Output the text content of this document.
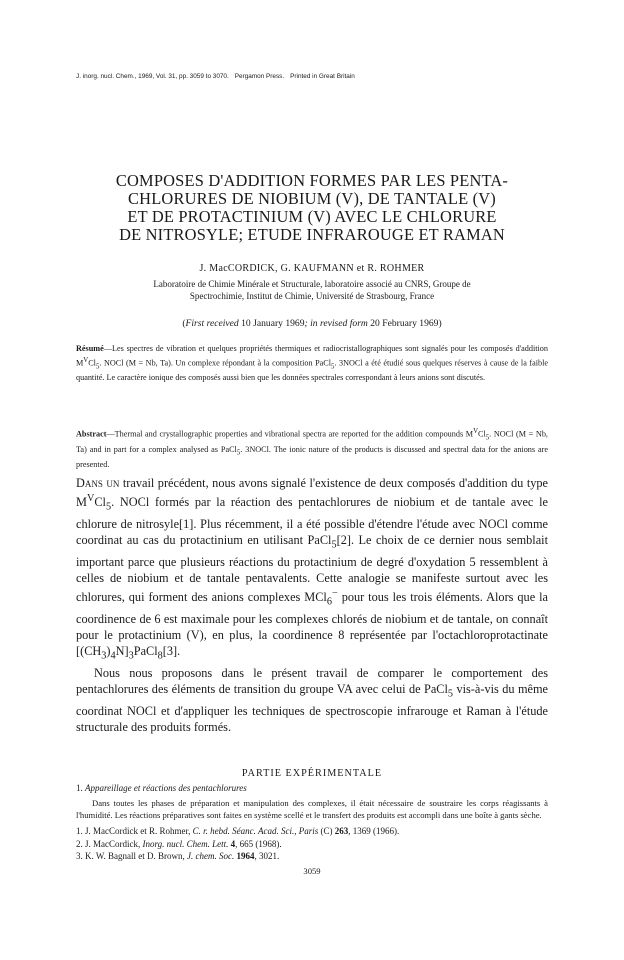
J. inorg. nucl. Chem., 1969, Vol. 31, pp. 3059 to 3070. Pergamon Press. Printed in Great Britain
COMPOSES D'ADDITION FORMES PAR LES PENTA-
CHLORURES DE NIOBIUM (V), DE TANTALE (V)
ET DE PROTACTINIUM (V) AVEC LE CHLORURE
DE NITROSYLE; ETUDE INFRAROUGE ET RAMAN

J. MacCORDICK, G. KAUFMANN et R. ROHMER

Laboratoire de Chimie Minérale et Structurale, laboratoire associé au CNRS, Groupe de
Spectrochimie, Institut de Chimie, Université de Strasbourg, France

(First received 10 January 1969; in revised form 20 February 1969)

Résumé—Les spectres de vibration et quelques propriétés thermiques et radiocristallographiques sont signalés pour les composés d'addition $M^VCl_5$. NOCl (M = Nb, Ta). Un complexe répondant à la composition PaCl$_5$. 3NOCl a été étudié sous quelques réserves à cause de la faible quantité. Le caractère ionique des composés aussi bien que les données spectrales correspondant à leurs anions sont discutés.

Abstract—Thermal and crystallographic properties and vibrational spectra are reported for the addition compounds $M^VCl_5$. NOCl (M = Nb, Ta) and in part for a complex analysed as PaCl$_5$. 3NOCl. The ionic nature of the products is discussed and spectral data for the anions are presented.

Dans un travail précédent, nous avons signalé l'existence de deux composés d'addition du type $M^VCl_5$. NOCl formés par la réaction des pentachlorures de niobium et de tantale avec le chlorure de nitrosyle[1]. Plus récemment, il a été possible d'étendre l'étude avec NOCl comme coordinat au cas du protactinium en utilisant PaCl$_5$[2]. Le choix de ce dernier nous semblait important parce que plusieurs réactions du protactinium de degré d'oxydation 5 ressemblent à celles de niobium et de tantale pentavalents. Cette analogie se manifeste surtout avec les chlorures, qui forment des anions complexes MCl$_6$− pour tous les trois éléments. Alors que la coordinence de 6 est maximale pour les complexes chlorés de niobium et de tantale, on connaît pour le protactinium (V), en plus, la coordinence 8 représentée par l'octachloroprotactinate $[(CH_3)_4N]_3PaCl_8[3]$.

Nous nous proposons dans le présent travail de comparer le comportement des pentachlorures des éléments de transition du groupe VA avec celui de PaCl$_5$ vis-à-vis du même coordinat NOCl et d'appliquer les techniques de spectroscopie infrarouge et Raman à l'étude structurale des produits formés.

PARTIE EXPÉRIMENTALE

1. Appareillage et réactions des pentachlorures

Dans toutes les phases de préparation et manipulation des complexes, il était nécessaire de soustraire les corps réagissants à l'humidité. Les réactions préparatives sont faites en système scellé et le transfert des produits est accompli dans une boîte à gants sèche.

1. J. MacCordick et R. Rohmer, C. r. hebd. Séanc. Acad. Sci., Paris (C) 263, 1369 (1966).
2. J. MacCordick, Inorg. nucl. Chem. Lett. 4, 665 (1968).
3. K. W. Bagnall et D. Brown, J. chem. Soc. 1964, 3021.

3059
